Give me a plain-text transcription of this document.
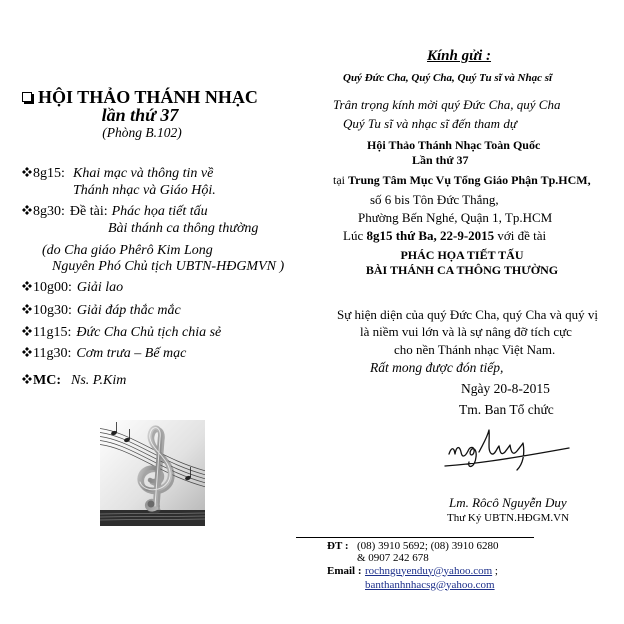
HỘI THẢO THÁNH NHẠC
lần thứ 37
(Phòng B.102)
8g15: Khai mạc và thông tin về
Thánh nhạc và Giáo Hội.
8g30: Đề tài: Phác họa tiết tấu
Bài thánh ca thông thường
(do Cha giáo Phêrô Kim Long
Nguyên Phó Chủ tịch UBTN-HĐGMVN )
10g00: Giải lao
10g30: Giải đáp thắc mắc
11g15: Đức Cha Chủ tịch chia sẻ
11g30: Cơm trưa – Bế mạc
MC: Ns. P.Kim
Kính gửi :
Quý Đức Cha, Quý Cha, Quý Tu sĩ và Nhạc sĩ
Trân trọng kính mời quý Đức Cha, quý Cha
Quý Tu sĩ và nhạc sĩ đến tham dự
Hội Thảo Thánh Nhạc Toàn Quốc
Lần thứ 37
tại Trung Tâm Mục Vụ Tổng Giáo Phận Tp.HCM,
số 6 bis Tôn Đức Thắng,
Phường Bến Nghé, Quận 1, Tp.HCM
Lúc 8g15 thứ Ba, 22-9-2015 với đề tài
PHÁC HỌA TIẾT TẤU
BÀI THÁNH CA THÔNG THƯỜNG
Sự hiện diện của quý Đức Cha, quý Cha và quý vị
là niềm vui lớn và là sự nâng đỡ tích cực
cho nền Thánh nhạc Việt Nam.
Rất mong được đón tiếp,
Ngày 20-8-2015
Tm. Ban Tổ chức
Lm. Rôcô Nguyễn Duy
Thư Ký UBTN.HĐGM.VN
ĐT : (08) 3910 5692; (08) 3910 6280
& 0907 242 678
Email : rochnguyenduy@yahoo.com ;
banthanhnhacsg@yahoo.com
